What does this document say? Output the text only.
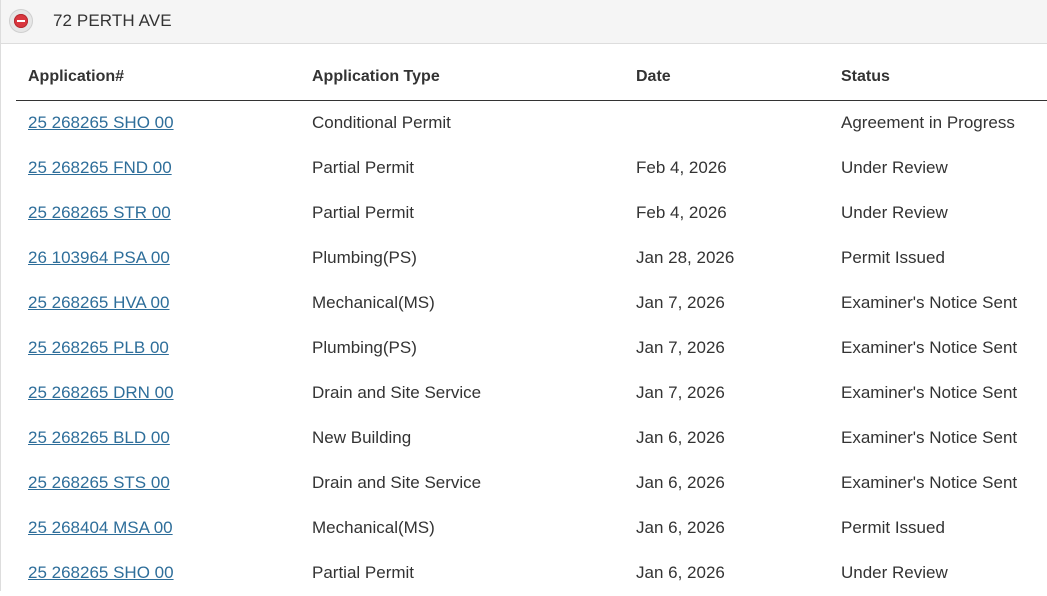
72 PERTH AVE
Application#	Application Type	Date	Status
25 268265 SHO 00	Conditional Permit		Agreement in Progress
25 268265 FND 00	Partial Permit	Feb 4, 2026	Under Review
25 268265 STR 00	Partial Permit	Feb 4, 2026	Under Review
26 103964 PSA 00	Plumbing(PS)	Jan 28, 2026	Permit Issued
25 268265 HVA 00	Mechanical(MS)	Jan 7, 2026	Examiner's Notice Sent
25 268265 PLB 00	Plumbing(PS)	Jan 7, 2026	Examiner's Notice Sent
25 268265 DRN 00	Drain and Site Service	Jan 7, 2026	Examiner's Notice Sent
25 268265 BLD 00	New Building	Jan 6, 2026	Examiner's Notice Sent
25 268265 STS 00	Drain and Site Service	Jan 6, 2026	Examiner's Notice Sent
25 268404 MSA 00	Mechanical(MS)	Jan 6, 2026	Permit Issued
25 268265 SHO 00	Partial Permit	Jan 6, 2026	Under Review
